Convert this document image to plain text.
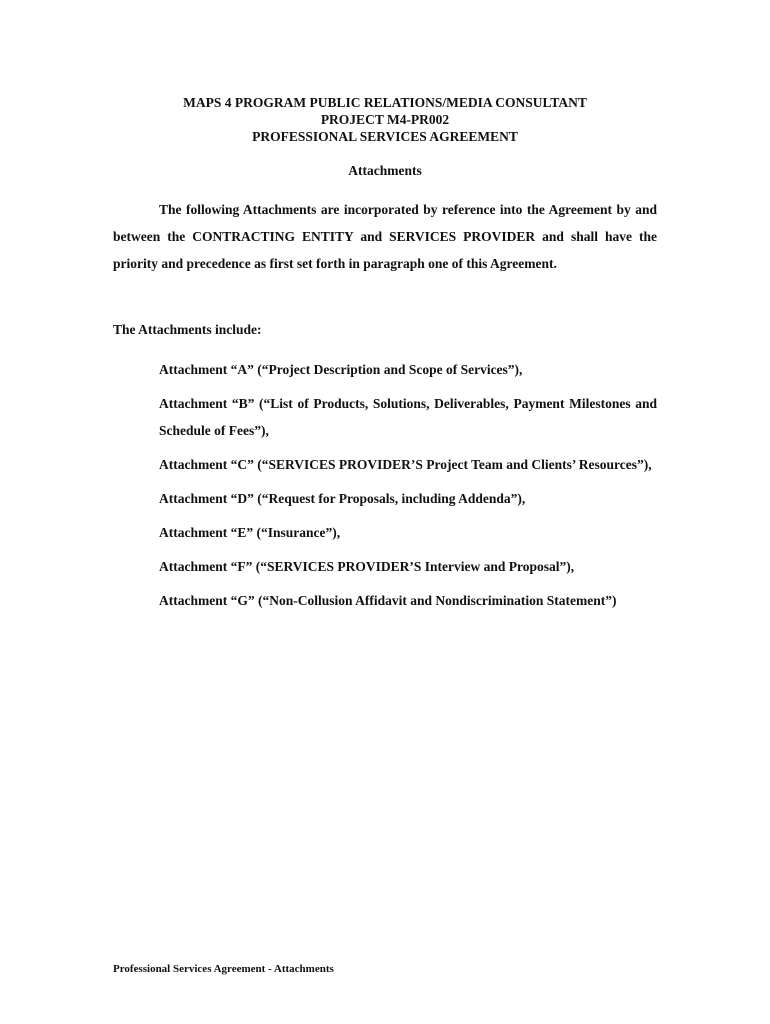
MAPS 4 PROGRAM PUBLIC RELATIONS/MEDIA CONSULTANT
PROJECT M4-PR002
PROFESSIONAL SERVICES AGREEMENT
Attachments

The following Attachments are incorporated by reference into the Agreement by and between the CONTRACTING ENTITY and SERVICES PROVIDER and shall have the priority and precedence as first set forth in paragraph one of this Agreement.

The Attachments include:
Attachment “A” (“Project Description and Scope of Services”),
Attachment “B” (“List of Products, Solutions, Deliverables, Payment Milestones and Schedule of Fees”),
Attachment “C” (“SERVICES PROVIDER’S Project Team and Clients’ Resources”),
Attachment “D” (“Request for Proposals, including Addenda”),
Attachment “E” (“Insurance”),
Attachment “F” (“SERVICES PROVIDER’S Interview and Proposal”),
Attachment “G” (“Non-Collusion Affidavit and Nondiscrimination Statement”)
Professional Services Agreement - Attachments
